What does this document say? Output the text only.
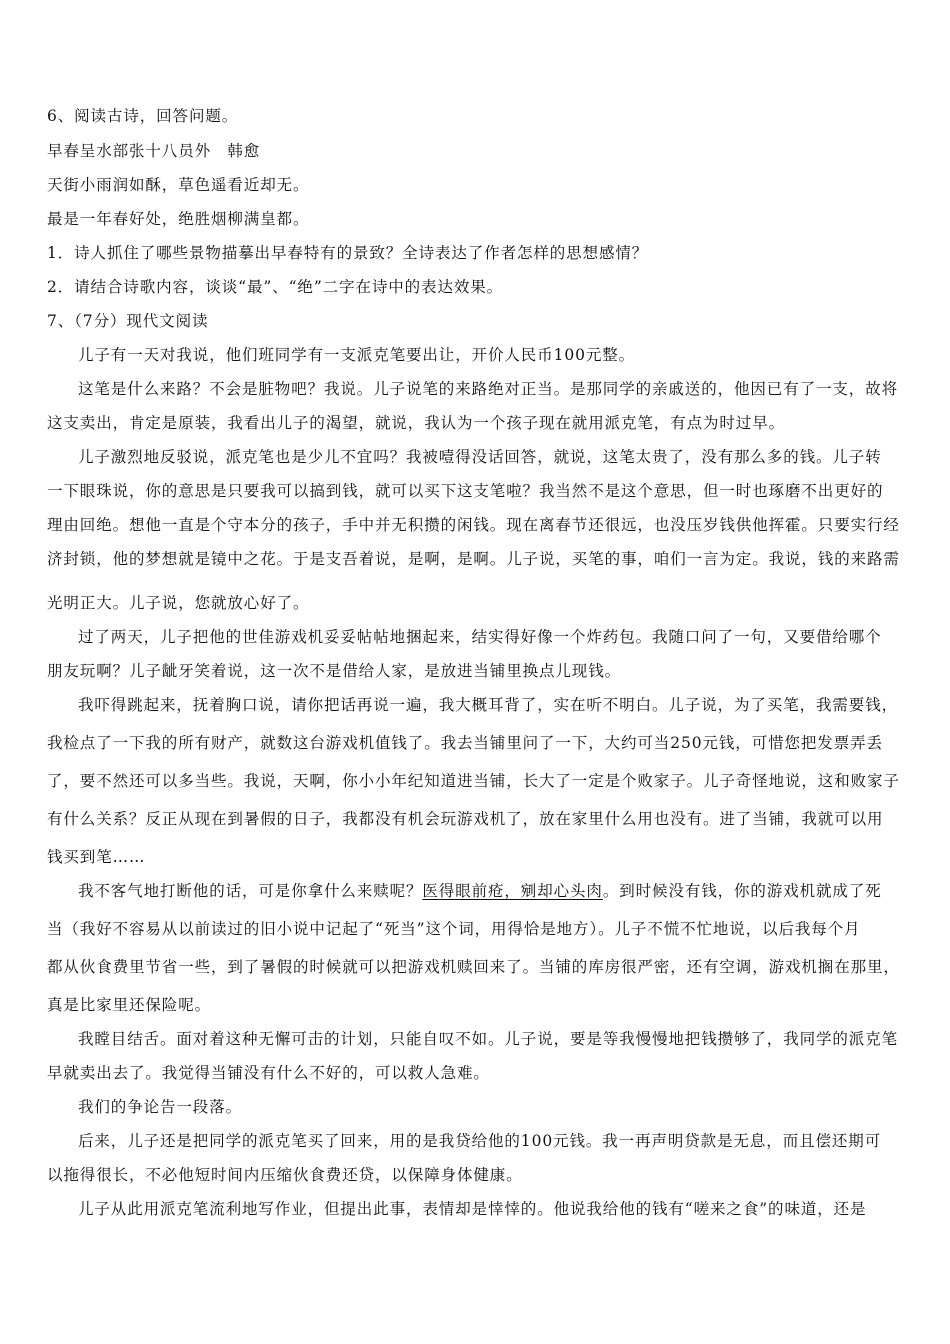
6、阅读古诗，回答问题。
早春呈水部张十八员外　韩愈
天街小雨润如酥，草色遥看近却无。
最是一年春好处，绝胜烟柳满皇都。
1．诗人抓住了哪些景物描摹出早春特有的景致？全诗表达了作者怎样的思想感情？
2．请结合诗歌内容，谈谈“最”、“绝”二字在诗中的表达效果。
7、（7分）现代文阅读
儿子有一天对我说，他们班同学有一支派克笔要出让，开价人民币100元整。
这笔是什么来路？不会是脏物吧？我说。儿子说笔的来路绝对正当。是那同学的亲戚送的，他因已有了一支，故将
这支卖出，肯定是原装，我看出儿子的渴望，就说，我认为一个孩子现在就用派克笔，有点为时过早。
儿子激烈地反驳说，派克笔也是少儿不宜吗？我被噎得没话回答，就说，这笔太贵了，没有那么多的钱。儿子转
一下眼珠说，你的意思是只要我可以搞到钱，就可以买下这支笔啦？我当然不是这个意思，但一时也琢磨不出更好的
理由回绝。想他一直是个守本分的孩子，手中并无积攒的闲钱。现在离春节还很远，也没压岁钱供他挥霍。只要实行经
济封锁，他的梦想就是镜中之花。于是支吾着说，是啊，是啊。儿子说，买笔的事，咱们一言为定。我说，钱的来路需
光明正大。儿子说，您就放心好了。
过了两天，儿子把他的世佳游戏机妥妥帖帖地捆起来，结实得好像一个炸药包。我随口问了一句，又要借给哪个
朋友玩啊？儿子龇牙笑着说，这一次不是借给人家，是放进当铺里换点儿现钱。
我吓得跳起来，抚着胸口说，请你把话再说一遍，我大概耳背了，实在听不明白。儿子说，为了买笔，我需要钱，
我检点了一下我的所有财产，就数这台游戏机值钱了。我去当铺里问了一下，大约可当250元钱，可惜您把发票弄丢
了，要不然还可以多当些。我说，天啊，你小小年纪知道进当铺，长大了一定是个败家子。儿子奇怪地说，这和败家子
有什么关系？反正从现在到暑假的日子，我都没有机会玩游戏机了，放在家里什么用也没有。进了当铺，我就可以用
钱买到笔……
我不客气地打断他的话，可是你拿什么来赎呢？医得眼前疮，剜却心头肉。到时候没有钱，你的游戏机就成了死
当（我好不容易从以前读过的旧小说中记起了“死当”这个词，用得恰是地方）。儿子不慌不忙地说，以后我每个月
都从伙食费里节省一些，到了暑假的时候就可以把游戏机赎回来了。当铺的库房很严密，还有空调，游戏机搁在那里，
真是比家里还保险呢。
我瞠目结舌。面对着这种无懈可击的计划，只能自叹不如。儿子说，要是等我慢慢地把钱攒够了，我同学的派克笔
早就卖出去了。我觉得当铺没有什么不好的，可以救人急难。
我们的争论告一段落。
后来，儿子还是把同学的派克笔买了回来，用的是我贷给他的100元钱。我一再声明贷款是无息，而且偿还期可
以拖得很长，不必他短时间内压缩伙食费还贷，以保障身体健康。
儿子从此用派克笔流利地写作业，但提出此事，表情却是悻悻的。他说我给他的钱有“嗟来之食”的味道，还是
